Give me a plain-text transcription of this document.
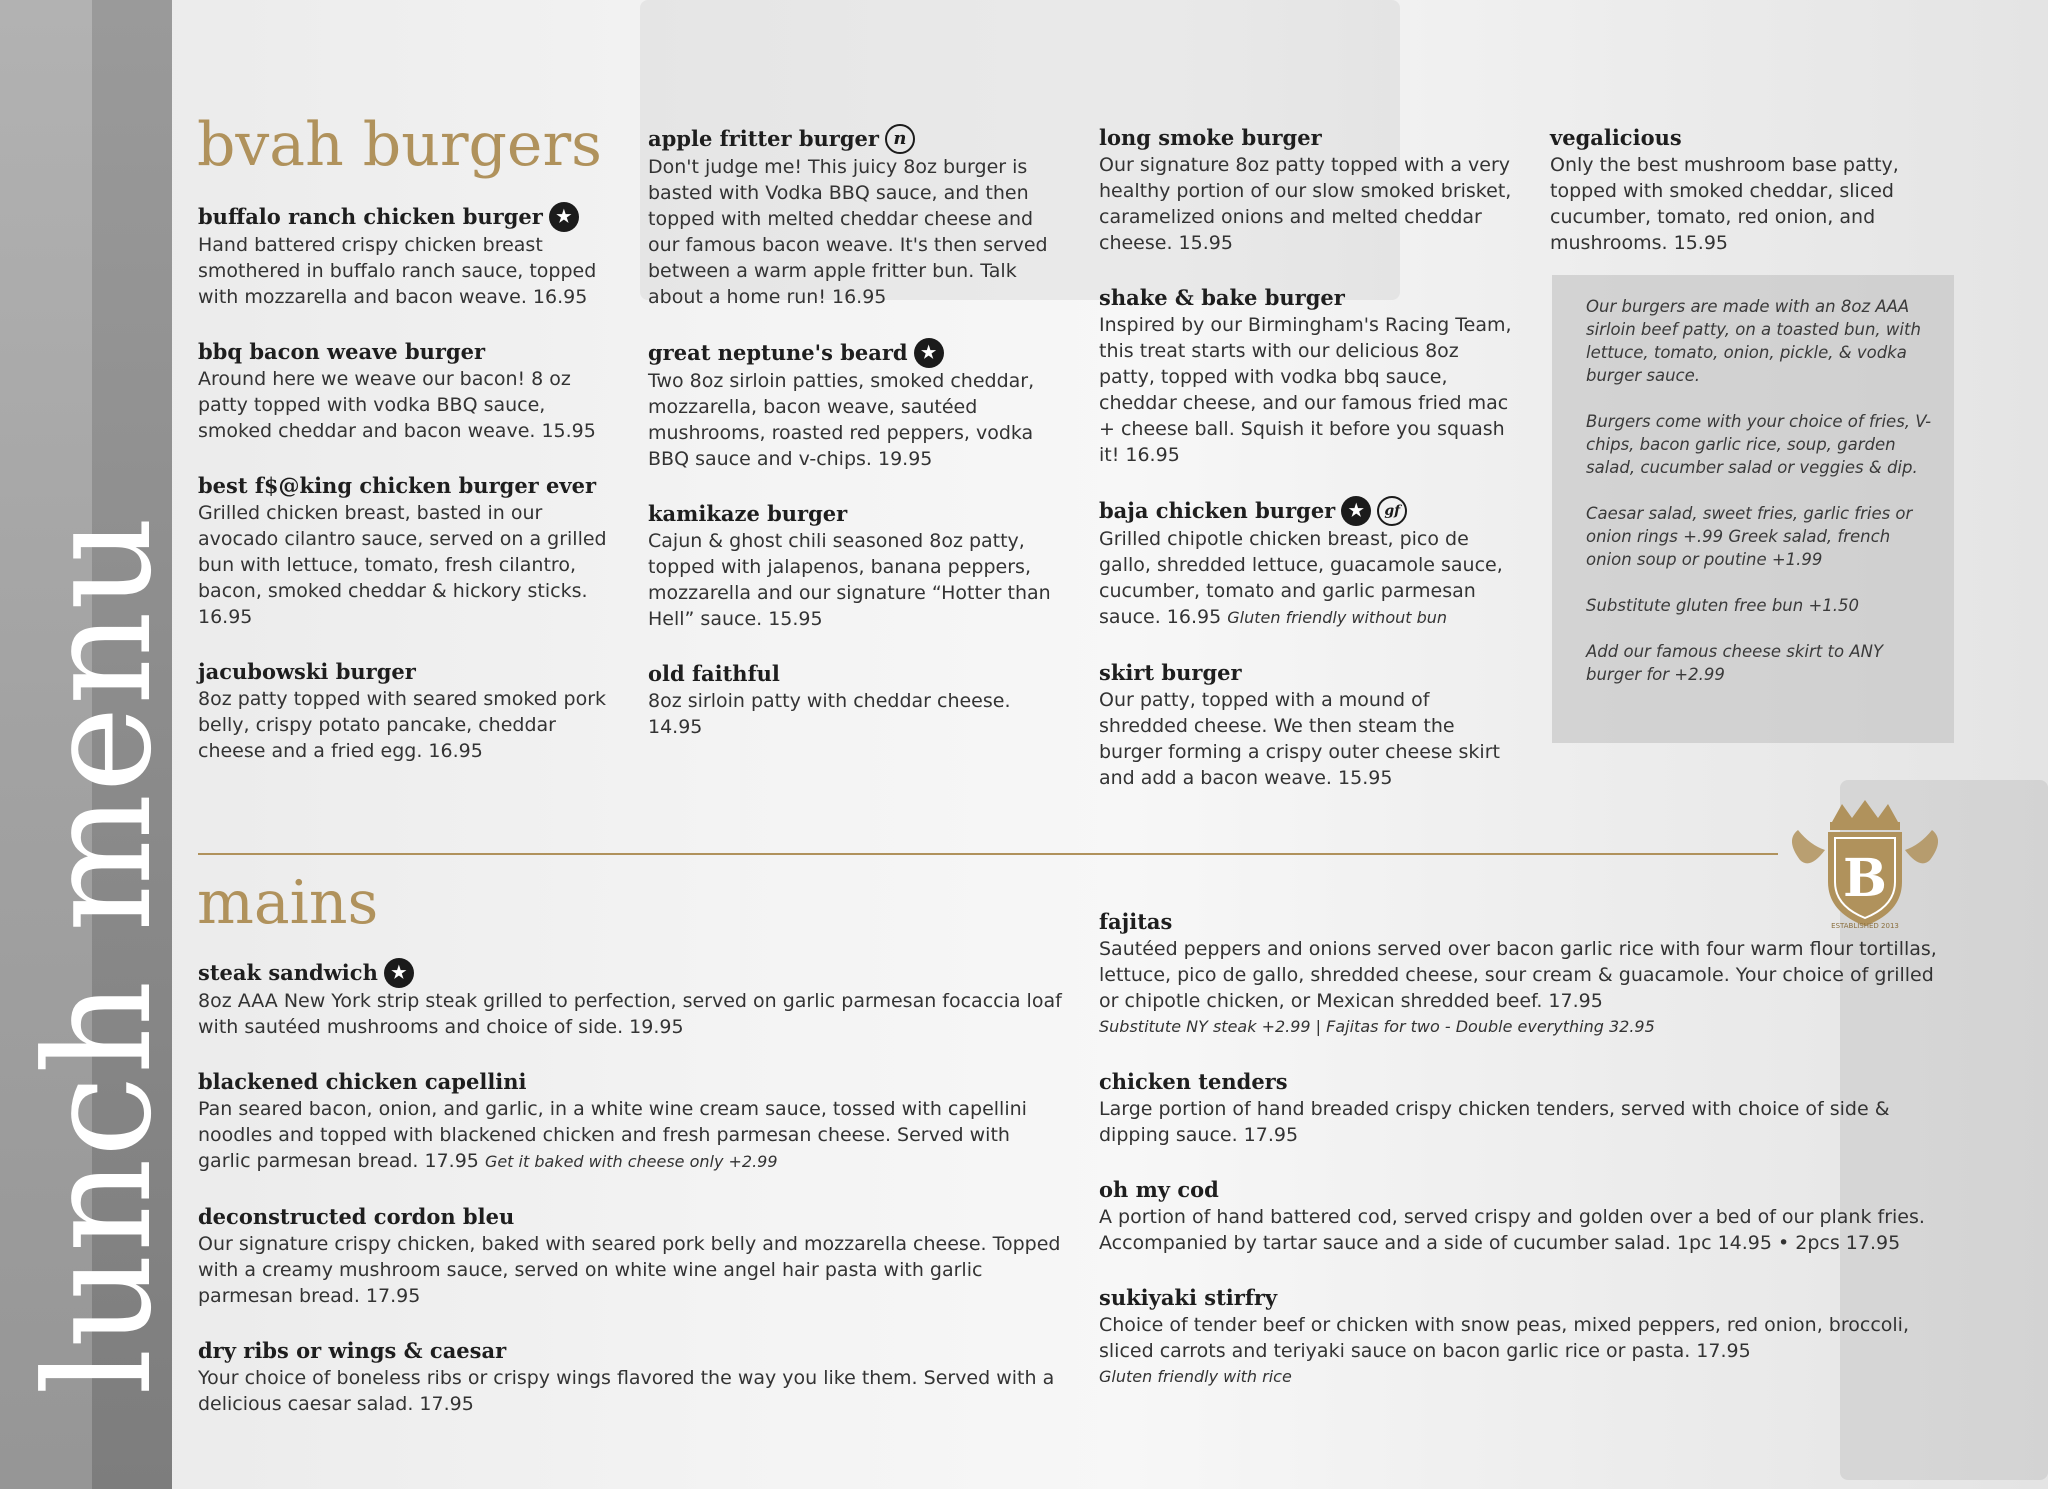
lunch menu
bvah burgers
buffalo ranch chicken burger ★
Hand battered crispy chicken breast smothered in buffalo ranch sauce, topped with mozzarella and bacon weave. 16.95
bbq bacon weave burger
Around here we weave our bacon! 8 oz patty topped with vodka BBQ sauce, smoked cheddar and bacon weave. 15.95
best f$@king chicken burger ever
Grilled chicken breast, basted in our avocado cilantro sauce, served on a grilled bun with lettuce, tomato, fresh cilantro, bacon, smoked cheddar & hickory sticks. 16.95
jacubowski burger
8oz patty topped with seared smoked pork belly, crispy potato pancake, cheddar cheese and a fried egg. 16.95
apple fritter burger n
Don't judge me! This juicy 8oz burger is basted with Vodka BBQ sauce, and then topped with melted cheddar cheese and our famous bacon weave. It's then served between a warm apple fritter bun. Talk about a home run! 16.95
great neptune's beard ★
Two 8oz sirloin patties, smoked cheddar, mozzarella, bacon weave, sautéed mushrooms, roasted red peppers, vodka BBQ sauce and v-chips. 19.95
kamikaze burger
Cajun & ghost chili seasoned 8oz patty, topped with jalapenos, banana peppers, mozzarella and our signature “Hotter than Hell” sauce. 15.95
old faithful
8oz sirloin patty with cheddar cheese. 14.95
long smoke burger
Our signature 8oz patty topped with a very healthy portion of our slow smoked brisket, caramelized onions and melted cheddar cheese. 15.95
shake & bake burger
Inspired by our Birmingham's Racing Team, this treat starts with our delicious 8oz patty, topped with vodka bbq sauce, cheddar cheese, and our famous fried mac + cheese ball. Squish it before you squash it! 16.95
baja chicken burger ★	gf
Grilled chipotle chicken breast, pico de gallo, shredded lettuce, guacamole sauce, cucumber, tomato and garlic parmesan sauce. 16.95 Gluten friendly without bun
skirt burger
Our patty, topped with a mound of shredded cheese. We then steam the burger forming a crispy outer cheese skirt and add a bacon weave. 15.95
vegalicious
Only the best mushroom base patty, topped with smoked cheddar, sliced cucumber, tomato, red onion, and mushrooms. 15.95

Our burgers are made with an 8oz AAA sirloin beef patty, on a toasted bun, with lettuce, tomato, onion, pickle, & vodka burger sauce.

Burgers come with your choice of fries, V-chips, bacon garlic rice, soup, garden salad, cucumber salad or veggies & dip.

Caesar salad, sweet fries, garlic fries or onion rings +.99 Greek salad, french onion soup or poutine +1.99

Substitute gluten free bun +1.50

Add our famous cheese skirt to ANY burger for +2.99

B
ESTABLISHED 2013
mains
steak sandwich ★
8oz AAA New York strip steak grilled to perfection, served on garlic parmesan focaccia loaf with sautéed mushrooms and choice of side. 19.95
blackened chicken capellini
Pan seared bacon, onion, and garlic, in a white wine cream sauce, tossed with capellini noodles and topped with blackened chicken and fresh parmesan cheese. Served with garlic parmesan bread. 17.95 Get it baked with cheese only +2.99
deconstructed cordon bleu
Our signature crispy chicken, baked with seared pork belly and mozzarella cheese. Topped with a creamy mushroom sauce, served on white wine angel hair pasta with garlic parmesan bread. 17.95
dry ribs or wings & caesar
Your choice of boneless ribs or crispy wings flavored the way you like them. Served with a delicious caesar salad. 17.95
fajitas
Sautéed peppers and onions served over bacon garlic rice with four warm flour tortillas, lettuce, pico de gallo, shredded cheese, sour cream & guacamole. Your choice of grilled or chipotle chicken, or Mexican shredded beef. 17.95
Substitute NY steak +2.99 | Fajitas for two - Double everything 32.95
chicken tenders
Large portion of hand breaded crispy chicken tenders, served with choice of side & dipping sauce. 17.95
oh my cod
A portion of hand battered cod, served crispy and golden over a bed of our plank fries. Accompanied by tartar sauce and a side of cucumber salad. 1pc 14.95 • 2pcs 17.95
sukiyaki stirfry
Choice of tender beef or chicken with snow peas, mixed peppers, red onion, broccoli, sliced carrots and teriyaki sauce on bacon garlic rice or pasta. 17.95
Gluten friendly with rice
